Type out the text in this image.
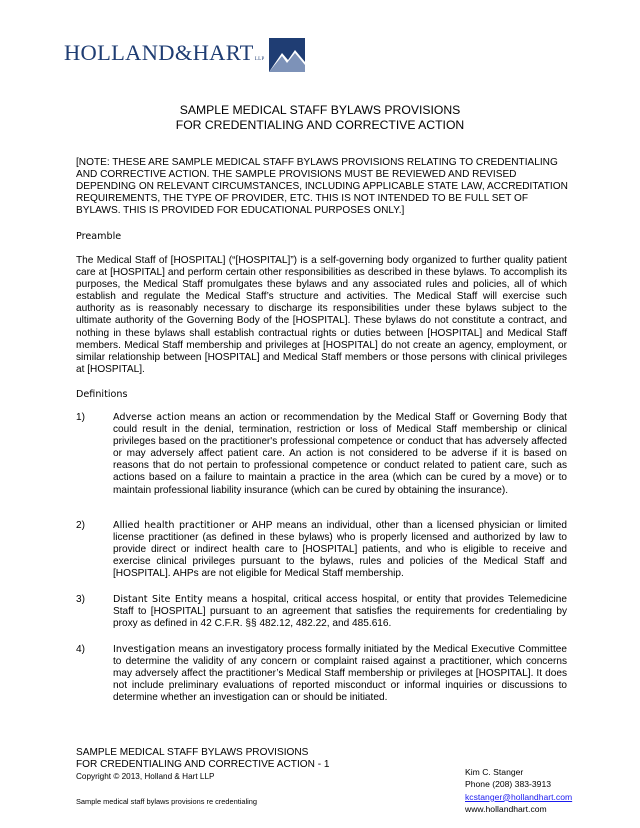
HOLLAND&HARTLLP
SAMPLE MEDICAL STAFF BYLAWS PROVISIONS
FOR CREDENTIALING AND CORRECTIVE ACTION
[NOTE: THESE ARE SAMPLE MEDICAL STAFF BYLAWS PROVISIONS RELATING TO CREDENTIALING AND CORRECTIVE ACTION. THE SAMPLE PROVISIONS MUST BE REVIEWED AND REVISED DEPENDING ON RELEVANT CIRCUMSTANCES, INCLUDING APPLICABLE STATE LAW, ACCREDITATION REQUIREMENTS, THE TYPE OF PROVIDER, ETC. THIS IS NOT INTENDED TO BE FULL SET OF BYLAWS. THIS IS PROVIDED FOR EDUCATIONAL PURPOSES ONLY.]
Preamble
The Medical Staff of [HOSPITAL] (“[HOSPITAL]”) is a self-governing body organized to further quality patient care at [HOSPITAL] and perform certain other responsibilities as described in these bylaws. To accomplish its purposes, the Medical Staff promulgates these bylaws and any associated rules and policies, all of which establish and regulate the Medical Staff’s structure and activities. The Medical Staff will exercise such authority as is reasonably necessary to discharge its responsibilities under these bylaws subject to the ultimate authority of the Governing Body of the [HOSPITAL]. These bylaws do not constitute a contract, and nothing in these bylaws shall establish contractual rights or duties between [HOSPITAL] and Medical Staff members. Medical Staff membership and privileges at [HOSPITAL] do not create an agency, employment, or similar relationship between [HOSPITAL] and Medical Staff members or those persons with clinical privileges at [HOSPITAL].
Definitions
1)	Adverse action means an action or recommendation by the Medical Staff or Governing Body that could result in the denial, termination, restriction or loss of Medical Staff membership or clinical privileges based on the practitioner's professional competence or conduct that has adversely affected or may adversely affect patient care. An action is not considered to be adverse if it is based on reasons that do not pertain to professional competence or conduct related to patient care, such as actions based on a failure to maintain a practice in the area (which can be cured by a move) or to maintain professional liability insurance (which can be cured by obtaining the insurance).
2)	Allied health practitioner or AHP means an individual, other than a licensed physician or limited license practitioner (as defined in these bylaws) who is properly licensed and authorized by law to provide direct or indirect health care to [HOSPITAL] patients, and who is eligible to receive and exercise clinical privileges pursuant to the bylaws, rules and policies of the Medical Staff and [HOSPITAL]. AHPs are not eligible for Medical Staff membership.
3)	Distant Site Entity means a hospital, critical access hospital, or entity that provides Telemedicine Staff to [HOSPITAL] pursuant to an agreement that satisfies the requirements for credentialing by proxy as defined in 42 C.F.R. §§ 482.12, 482.22, and 485.616.
4)	Investigation means an investigatory process formally initiated by the Medical Executive Committee to determine the validity of any concern or complaint raised against a practitioner, which concerns may adversely affect the practitioner’s Medical Staff membership or privileges at [HOSPITAL]. It does not include preliminary evaluations of reported misconduct or informal inquiries or discussions to determine whether an investigation can or should be initiated.
SAMPLE MEDICAL STAFF BYLAWS PROVISIONS
FOR CREDENTIALING AND CORRECTIVE ACTION - 1
Copyright © 2013, Holland & Hart LLP
Sample medical staff bylaws provisions re credentialing
Kim C. Stanger
Phone (208) 383-3913
kcstanger@hollandhart.com
www.hollandhart.com
